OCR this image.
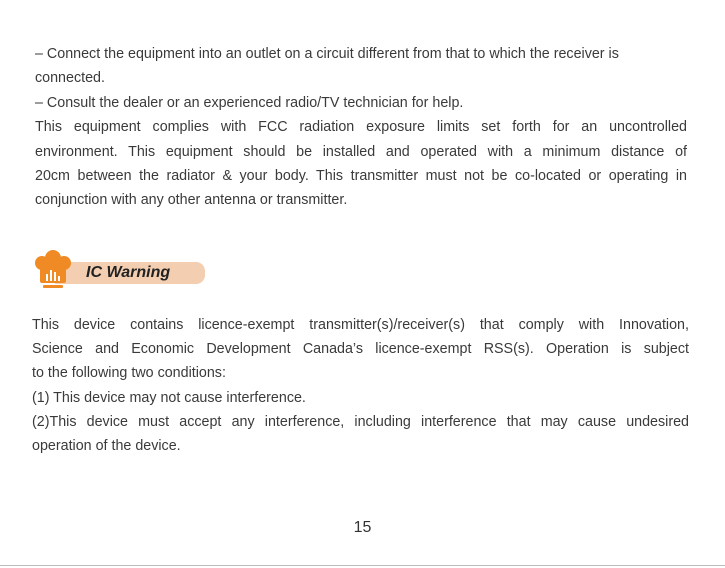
– Connect the equipment into an outlet on a circuit different from that to which the receiver is

connected.

– Consult the dealer or an experienced radio/TV technician for help.

This equipment complies with FCC radiation exposure limits set forth for an uncontrolled

environment. This equipment should be installed and operated with a minimum distance of

20cm between the radiator & your body. This transmitter must not be co-located or operating in

conjunction with any other antenna or transmitter.

IC Warning

This device contains licence-exempt transmitter(s)/receiver(s) that comply with Innovation,

Science and Economic Development Canada’s licence-exempt RSS(s). Operation is subject

to the following two conditions:

(1) This device may not cause interference.

(2)This device must accept any interference, including interference that may cause undesired

operation of the device.

15
